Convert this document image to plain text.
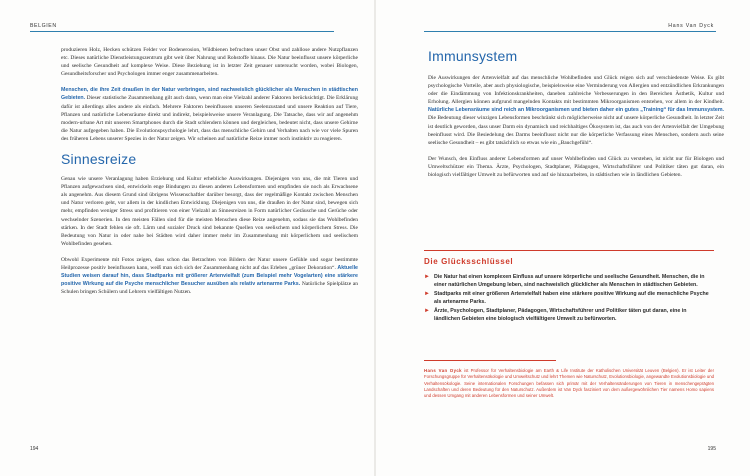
BELGIEN

produzieren Holz, Hecken schützen Felder vor Bodenerosion, Wildbienen befruchten unser Obst und zahllose andere Nutzpflanzen etc. Dieses natürliche Dienstleistungszentrum gibt weit über Nahrung und Rohstoffe hinaus. Die Natur beeinflusst unsere körperliche und seelische Gesundheit auf komplexe Weise. Diese Beziehung ist in letzter Zeit genauer untersucht worden, wobei Biologen, Gesundheitsforscher und Psychologen immer enger zusammenarbeiten.

Menschen, die ihre Zeit draußen in der Natur verbringen, sind nachweislich glücklicher als Menschen in städtischen Gebieten. Dieser statistische Zusammenhang gilt auch dann, wenn man eine Vielzahl anderer Faktoren berücksichtigt. Die Erklärung dafür ist allerdings alles andere als einfach. Mehrere Faktoren beeinflussen unseren Seelenzustand und unsere Reaktion auf Tiere, Pflanzen und natürliche Lebensräume direkt und indirekt, beispielsweise unsere Veranlagung. Die Tatsache, dass wir auf angenehm modern-urbane Art mit unseren Smartphones durch die Stadt schlendern können und dergleichen, bedeutet nicht, dass unsere Gehirne die Natur aufgegeben haben. Die Evolutionspsychologie lehrt, dass das menschliche Gehirn und Verhalten nach wie vor viele Spuren des früheren Lebens unserer Spezies in der Natur zeigen. Wir scheinen auf natürliche Reize immer noch instinktiv zu reagieren.

Sinnesreize

Genau wie unsere Veranlagung haben Erziehung und Kultur erhebliche Auswirkungen. Diejenigen von uns, die mit Tieren und Pflanzen aufgewachsen sind, entwickeln enge Bindungen zu diesen anderen Lebensformen und empfinden sie noch als Erwachsene als angenehm. Aus diesem Grund sind übrigens Wissenschaftler darüber besorgt, dass der regelmäßige Kontakt zwischen Menschen und Natur verloren geht, vor allem in der kindlichen Entwicklung. Diejenigen von uns, die draußen in der Natur sind, bewegen sich mehr, empfinden weniger Stress und profitieren von einer Vielzahl an Sinnesreizen in Form natürlicher Geräusche und Gerüche oder wechselnder Szenerien. In den meisten Fällen sind für die meisten Menschen diese Reize angenehm, sodass sie das Wohlbefinden stärken. In der Stadt fehlen sie oft. Lärm und sozialer Druck sind bekannte Quellen von seelischem und körperlichem Stress. Die Bedeutung von Natur in oder nahe bei Städten wird daher immer mehr im Zusammenhang mit körperlichem und seelischem Wohlbefinden gesehen.

Obwohl Experimente mit Fotos zeigen, dass schon das Betrachten von Bildern der Natur unsere Gefühle und sogar bestimmte Heilprozesse positiv beeinflussen kann, weiß man sich sich der Zusammenhang nicht auf das Erleben „grüner Dekoration“. Aktuelle Studien weisen darauf hin, dass Stadtparks mit größerer Artenvielfalt (zum Beispiel mehr Vogelarten) eine stärkere positive Wirkung auf die Psyche menschlicher Besucher ausüben als relativ artenarme Parks. Natürliche Spielplätze an Schulen bringen Schülern und Lehrern vielfältigen Nutzen.

194
Hans Van Dyck
Immunsystem

Die Auswirkungen der Artenvielfalt auf das menschliche Wohlbefinden und Glück reigen sich auf verschiedenste Weise. Es gibt psychologische Vorteile, aber auch physiologische, beispielsweise eine Verminderung von Allergien und entzündlichen Erkrankungen oder die Eindämmung von Infektionskrankheiten, daneben zahlreiche Verbesserungen in den Bereichen Ästhetik, Kultur und Erholung. Allergien können aufgrund mangelnden Kontakts mit bestimmten Mikroorganismen entstehen, vor allem in der Kindheit. Natürliche Lebensräume sind reich an Mikroorganismen und bieten daher ein gutes „Training“ für das Immunsystem. Die Bedeutung dieser winzigen Lebensformen beschränkt sich möglicherweise nicht auf unsere körperliche Gesundheit. In letzter Zeit ist deutlich geworden, dass unser Darm ein dynamisch und reichhaltiges Ökosystem ist, das auch von der Artenvielfalt der Umgebung beeinflusst wird. Die Besiedelung des Darms beeinflusst nicht nur die körperliche Verfassung eines Menschen, sondern auch seine seelische Gesundheit – es gibt tatsächlich so etwas wie ein „Bauchgefühl“.

Der Wunsch, den Einfluss anderer Lebensformen auf unser Wohlbefinden und Glück zu verstehen, ist nicht nur für Biologen und Umweltschützer ein Thema. Ärzte, Psychologen, Stadtplaner, Pädagogen, Wirtschaftsführer und Politiker täten gut daran, ein biologisch vielfältiger Umwelt zu befürworten und auf sie hinzuarbeiten, in städtischen wie in ländlichen Gebieten.

Die Glücksschlüssel
► Die Natur hat einen komplexen Einfluss auf unsere körperliche und seelische Gesundheit. Menschen, die in einer natürlichen Umgebung leben, sind nachweislich glücklicher als Menschen in städtischen Gebieten.
► Stadtparks mit einer größeren Artenvielfalt haben eine stärkere positive Wirkung auf die menschliche Psyche als artenarme Parks.
► Ärzte, Psychologen, Stadtplaner, Pädagogen, Wirtschaftsführer und Politiker täten gut daran, eine in ländlichen Gebieten eine biologisch vielfältigere Umwelt zu befürworten.
Hans Van Dyck ist Professor für Verhaltensbiologie am Earth & Life Institute der Katholischen Universität Leuven (Belgien). Er ist Leiter der Forschungsgruppe für Verhaltensökologie und Umweltschutz und lehrt Themen wie Naturschutz, Evolutionsbiologie, angewandte Evolutionsbiologie und Verhaltensökologie. Seine internationalen Forschungen befassen sich primär mit der Verhaltensänderungen von Tieren in menschengeprägten Landschaften und deren Bedeutung für den Naturschutz. Außerdem ist Van Dyck fasziniert von dem außergewöhnlichen Tier namens Homo sapiens und dessen Umgang mit anderen Lebensformen und seiner Umwelt.
195
